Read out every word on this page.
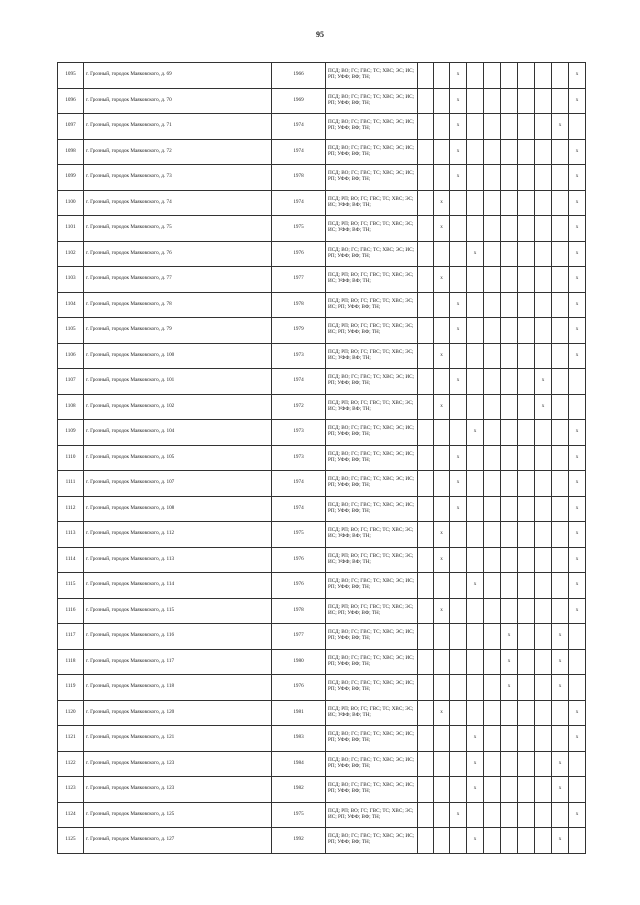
95
1095	г. Грозный, городок Маяковского, д. 69	1966	ПСД; ВО; ГС; ГВС; ТС; ХВС; ЭС; ИС; РП; УФФ; ВФ; ТН;			x							x
1096	г. Грозный, городок Маяковского, д. 70	1969	ПСД; ВО; ГС; ГВС; ТС; ХВС; ЭС; ИС; РП; УФФ; ВФ; ТН;			x							x
1097	г. Грозный, городок Маяковского, д. 71	1974	ПСД; ВО; ГС; ГВС; ТС; ХВС; ЭС; ИС; РП; УФФ; ВФ; ТН;			x						x	
1098	г. Грозный, городок Маяковского, д. 72	1974	ПСД; ВО; ГС; ГВС; ТС; ХВС; ЭС; ИС; РП; УФФ; ВФ; ТН;			x							x
1099	г. Грозный, городок Маяковского, д. 73	1978	ПСД; ВО; ГС; ГВС; ТС; ХВС; ЭС; ИС; РП; УФФ; ВФ; ТН;			x							x
1100	г. Грозный, городок Маяковского, д. 74	1974	ПСД; РП; ВО; ГС; ГВС; ТС; ХВС; ЭС; ИС; УФФ; ВФ; ТН;		x								x
1101	г. Грозный, городок Маяковского, д. 75	1975	ПСД; РП; ВО; ГС; ГВС; ТС; ХВС; ЭС; ИС; УФФ; ВФ; ТН;		x								x
1102	г. Грозный, городок Маяковского, д. 76	1976	ПСД; ВО; ГС; ГВС; ТС; ХВС; ЭС; ИС; РП; УФФ; ВФ; ТН;				x						x
1103	г. Грозный, городок Маяковского, д. 77	1977	ПСД; РП; ВО; ГС; ГВС; ТС; ХВС; ЭС; ИС; УФФ; ВФ; ТН;		x								x
1104	г. Грозный, городок Маяковского, д. 78	1978	ПСД; РП; ВО; ГС; ГВС; ТС; ХВС; ЭС; ИС; РП; УФФ; ВФ; ТН;			x							x
1105	г. Грозный, городок Маяковского, д. 79	1979	ПСД; РП; ВО; ГС; ГВС; ТС; ХВС; ЭС; ИС; РП; УФФ; ВФ; ТН;			x							x
1106	г. Грозный, городок Маяковского, д. 100	1973	ПСД; РП; ВО; ГС; ГВС; ТС; ХВС; ЭС; ИС; УФФ; ВФ; ТН;		x								x
1107	г. Грозный, городок Маяковского, д. 101	1974	ПСД; ВО; ГС; ГВС; ТС; ХВС; ЭС; ИС; РП; УФФ; ВФ; ТН;			x					x		
1108	г. Грозный, городок Маяковского, д. 102	1972	ПСД; РП; ВО; ГС; ГВС; ТС; ХВС; ЭС; ИС; УФФ; ВФ; ТН;		x						x		
1109	г. Грозный, городок Маяковского, д. 104	1973	ПСД; ВО; ГС; ГВС; ТС; ХВС; ЭС; ИС; РП; УФФ; ВФ; ТН;				x						x
1110	г. Грозный, городок Маяковского, д. 105	1973	ПСД; ВО; ГС; ГВС; ТС; ХВС; ЭС; ИС; РП; УФФ; ВФ; ТН;			x							x
1111	г. Грозный, городок Маяковского, д. 107	1974	ПСД; ВО; ГС; ГВС; ТС; ХВС; ЭС; ИС; РП; УФФ; ВФ; ТН;			x							x
1112	г. Грозный, городок Маяковского, д. 108	1974	ПСД; ВО; ГС; ГВС; ТС; ХВС; ЭС; ИС; РП; УФФ; ВФ; ТН;			x							x
1113	г. Грозный, городок Маяковского, д. 112	1975	ПСД; РП; ВО; ГС; ГВС; ТС; ХВС; ЭС; ИС; УФФ; ВФ; ТН;		x								x
1114	г. Грозный, городок Маяковского, д. 113	1976	ПСД; РП; ВО; ГС; ГВС; ТС; ХВС; ЭС; ИС; УФФ; ВФ; ТН;		x								x
1115	г. Грозный, городок Маяковского, д. 114	1976	ПСД; ВО; ГС; ГВС; ТС; ХВС; ЭС; ИС; РП; УФФ; ВФ; ТН;				x						x
1116	г. Грозный, городок Маяковского, д. 115	1978	ПСД; РП; ВО; ГС; ГВС; ТС; ХВС; ЭС; ИС; РП; УФФ; ВФ; ТН;		x								x
1117	г. Грозный, городок Маяковского, д. 116	1977	ПСД; ВО; ГС; ГВС; ТС; ХВС; ЭС; ИС; РП; УФФ; ВФ; ТН;						x			x	
1118	г. Грозный, городок Маяковского, д. 117	1980	ПСД; ВО; ГС; ГВС; ТС; ХВС; ЭС; ИС; РП; УФФ; ВФ; ТН;						x			x	
1119	г. Грозный, городок Маяковского, д. 118	1976	ПСД; ВО; ГС; ГВС; ТС; ХВС; ЭС; ИС; РП; УФФ; ВФ; ТН;						x			x	
1120	г. Грозный, городок Маяковского, д. 120	1981	ПСД; РП; ВО; ГС; ГВС; ТС; ХВС; ЭС; ИС; УФФ; ВФ; ТН;		x								x
1121	г. Грозный, городок Маяковского, д. 121	1983	ПСД; ВО; ГС; ГВС; ТС; ХВС; ЭС; ИС; РП; УФФ; ВФ; ТН;				x						x
1122	г. Грозный, городок Маяковского, д. 123	1984	ПСД; ВО; ГС; ГВС; ТС; ХВС; ЭС; ИС; РП; УФФ; ВФ; ТН;				x					x	
1123	г. Грозный, городок Маяковского, д. 123	1982	ПСД; ВО; ГС; ГВС; ТС; ХВС; ЭС; ИС; РП; УФФ; ВФ; ТН;				x					x	
1124	г. Грозный, городок Маяковского, д. 125	1975	ПСД; РП; ВО; ГС; ГВС; ТС; ХВС; ЭС; ИС; РП; УФФ; ВФ; ТН;			x							x
1125	г. Грозный, городок Маяковского, д. 127	1992	ПСД; ВО; ГС; ГВС; ТС; ХВС; ЭС; ИС; РП; УФФ; ВФ; ТН;				x					x	
